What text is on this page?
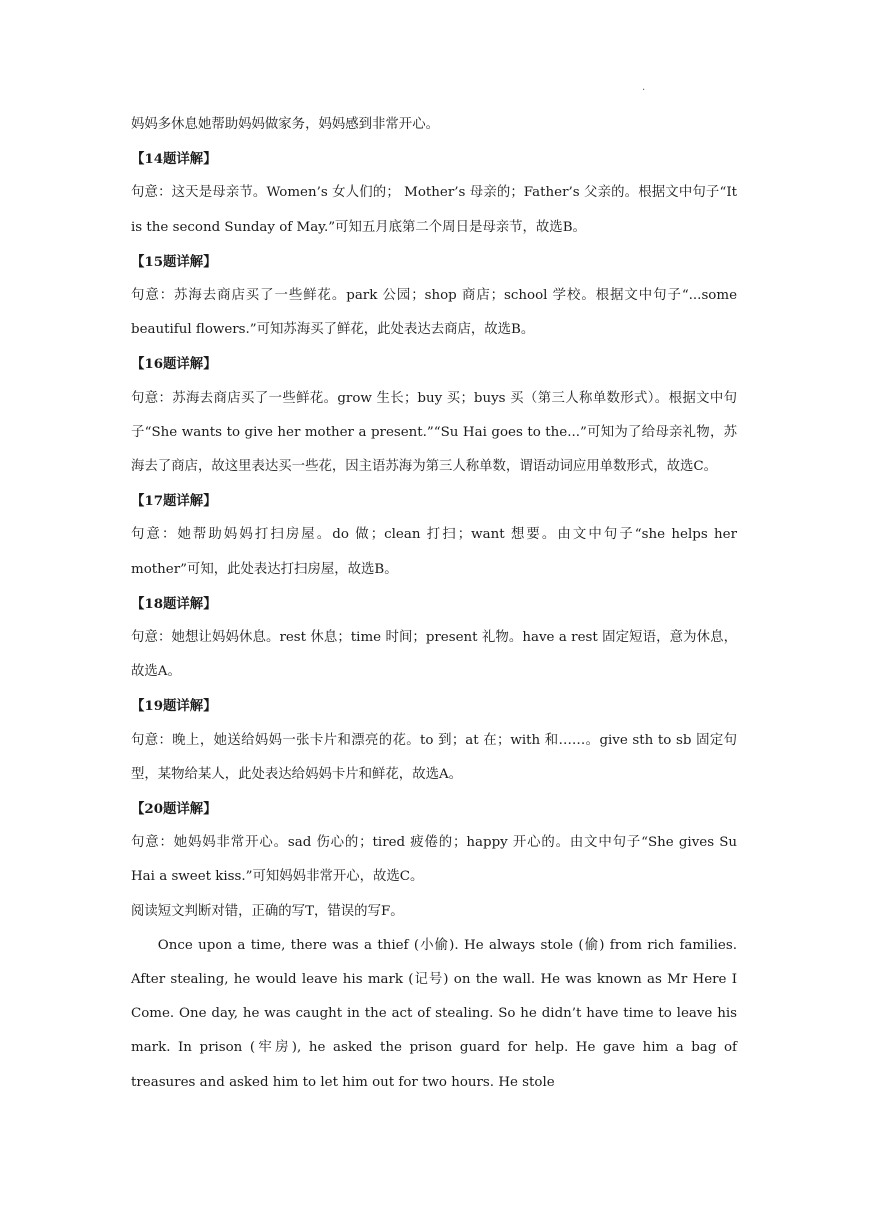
.

妈妈多休息她帮助妈妈做家务，妈妈感到非常开心。

【14题详解】

句意：这天是母亲节。Women’s 女人们的； Mother’s 母亲的；Father’s 父亲的。根据文中句子“It is the second Sunday of May.”可知五月底第二个周日是母亲节，故选B。

【15题详解】

句意：苏海去商店买了一些鲜花。park 公园；shop 商店；school 学校。根据文中句子“...some beautiful flowers.”可知苏海买了鲜花，此处表达去商店，故选B。

【16题详解】

句意：苏海去商店买了一些鲜花。grow 生长；buy 买；buys 买（第三人称单数形式）。根据文中句子“She wants to give her mother a present.”“Su Hai goes to the...”可知为了给母亲礼物，苏海去了商店，故这里表达买一些花，因主语苏海为第三人称单数，谓语动词应用单数形式，故选C。

【17题详解】

句意：她帮助妈妈打扫房屋。do 做；clean 打扫；want 想要。由文中句子“she helps her mother”可知，此处表达打扫房屋，故选B。

【18题详解】

句意：她想让妈妈休息。rest 休息；time 时间；present 礼物。have a rest 固定短语，意为休息，故选A。

【19题详解】

句意：晚上，她送给妈妈一张卡片和漂亮的花。to 到；at 在；with 和……。give sth to sb 固定句型，某物给某人，此处表达给妈妈卡片和鲜花，故选A。

【20题详解】

句意：她妈妈非常开心。sad 伤心的；tired 疲倦的；happy 开心的。由文中句子“She gives Su Hai a sweet kiss.”可知妈妈非常开心，故选C。

阅读短文判断对错，正确的写T，错误的写F。

Once upon a time, there was a thief (小偷). He always stole (偷) from rich families. After stealing, he would leave his mark (记号) on the wall. He was known as Mr Here I Come. One day, he was caught in the act of stealing. So he didn’t have time to leave his mark. In prison (牢房), he asked the prison guard for help. He gave him a bag of treasures and asked him to let him out for two hours. He stole
